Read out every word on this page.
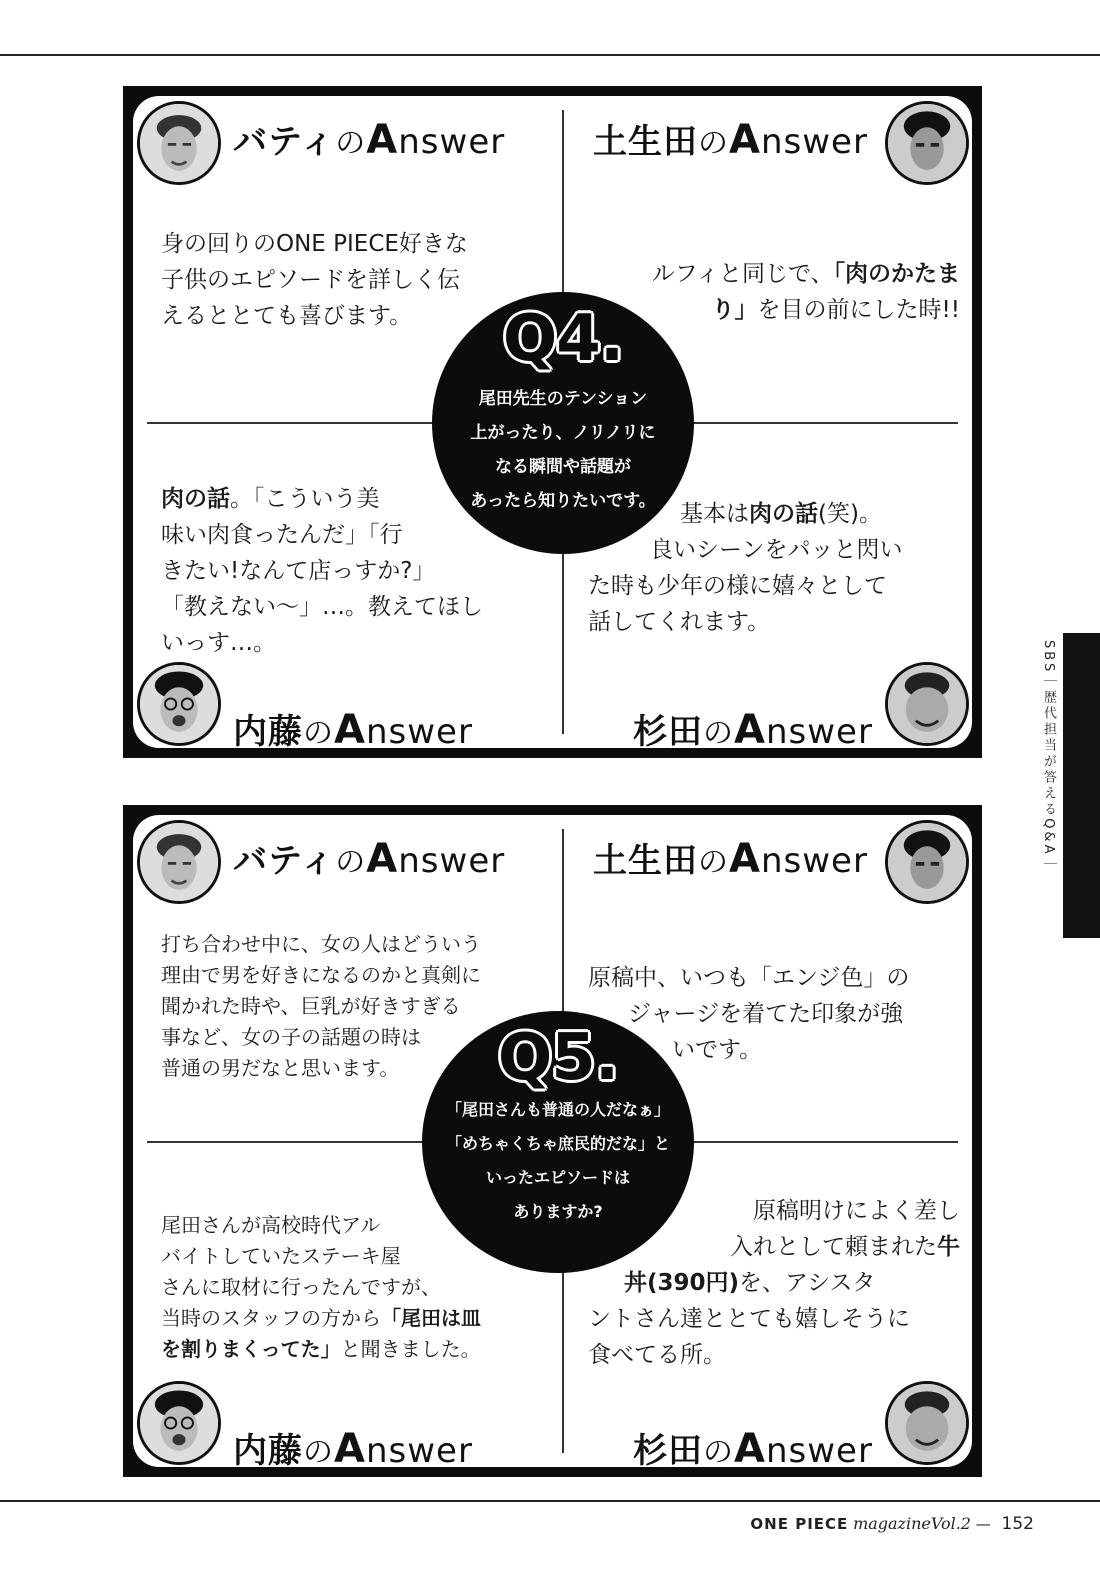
バティのAnswer
身の回りのONE PIECE好きな
子供のエピソードを詳しく伝
えるととても喜びます。
土生田のAnswer
ルフィと同じで、「肉のかたま
り」を目の前にした時!!
肉の話。「こういう美
味い肉食ったんだ」「行
きたい!なんて店っすか?」
「教えない〜」…。教えてほし
いっす…。
内藤のAnswer
基本は肉の話(笑)。
良いシーンをパッと閃い
た時も少年の様に嬉々として
話してくれます。
杉田のAnswer
Q4.
尾田先生のテンション
上がったり、ノリノリに
なる瞬間や話題が
あったら知りたいです。
バティのAnswer
打ち合わせ中に、女の人はどういう
理由で男を好きになるのかと真剣に
聞かれた時や、巨乳が好きすぎる
事など、女の子の話題の時は
普通の男だなと思います。
土生田のAnswer
原稿中、いつも「エンジ色」の
ジャージを着てた印象が強
いです。
尾田さんが高校時代アル
バイトしていたステーキ屋
さんに取材に行ったんですが、
当時のスタッフの方から「尾田は皿
を割りまくってた」と聞きました。
内藤のAnswer
原稿明けによく差し
入れとして頼まれた牛
丼(390円)を、アシスタ
ントさん達ととても嬉しそうに
食べてる所。
杉田のAnswer
Q5.
「尾田さんも普通の人だなぁ」
「めちゃくちゃ庶民的だな」と
いったエピソードは
ありますか?
SBS｜歴代担当が答えるQ&A｜
ONE PIECE magazineVol.2 — 152
